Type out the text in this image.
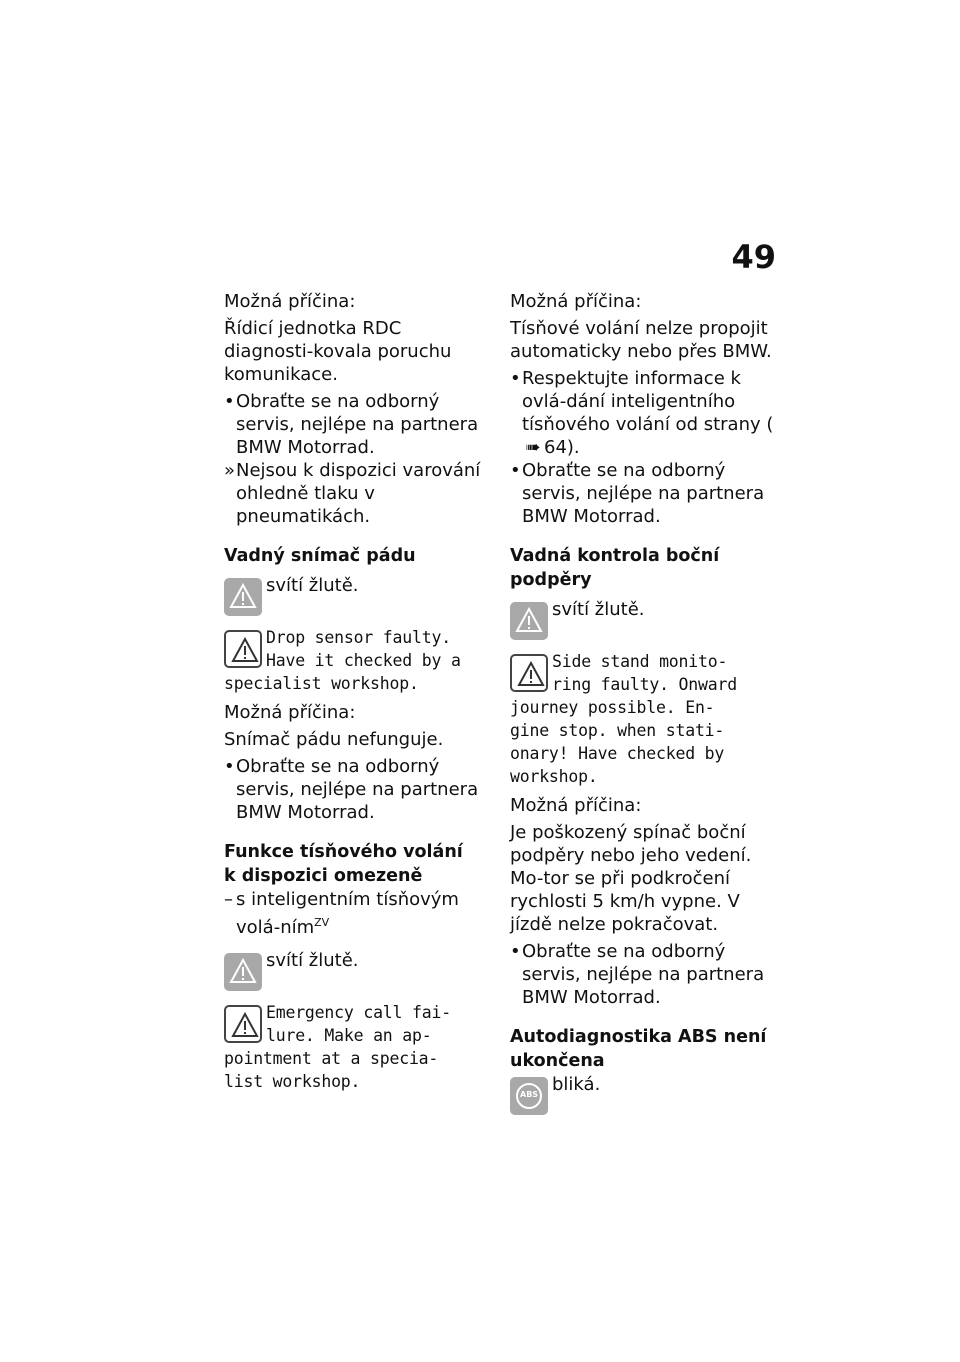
49

Možná příčina:

Řídicí jednotka RDC diagnosti-kovala poruchu komunikace.

• Obraťte se na odborný servis, nejlépe na partnera BMW Motorrad.
» Nejsou k dispozici varování ohledně tlaku v pneumatikách.
Vadný snímač pádu
svítí žlutě.

Drop sensor faulty.

Have it checked by a

specialist workshop.

Možná příčina:

Snímač pádu nefunguje.

• Obraťte se na odborný servis, nejlépe na partnera BMW Motorrad.
Funkce tísňového volání
k dispozici omezeně
– s inteligentním tísňovým volá-ním$^{ZV}$
svítí žlutě.

Emergency call fai-

lure. Make an ap-

pointment at a specia-

list workshop.

Možná příčina:

Tísňové volání nelze propojit automaticky nebo přes BMW.

• Respektujte informace k ovlá-dání inteligentního tísňového volání od strany (➠ 64).
• Obraťte se na odborný servis, nejlépe na partnera BMW Motorrad.
Vadná kontrola boční podpěry
svítí žlutě.

Side stand monito-

ring faulty. Onward

journey possible. En-

gine stop. when stati-

onary! Have checked by

workshop.

Možná příčina:

Je poškozený spínač boční podpěry nebo jeho vedení. Mo-tor se při podkročení rychlosti 5 km/h vypne. V jízdě nelze pokračovat.

• Obraťte se na odborný servis, nejlépe na partnera BMW Motorrad.
Autodiagnostika ABS není
ukončena
ABS bliká.
